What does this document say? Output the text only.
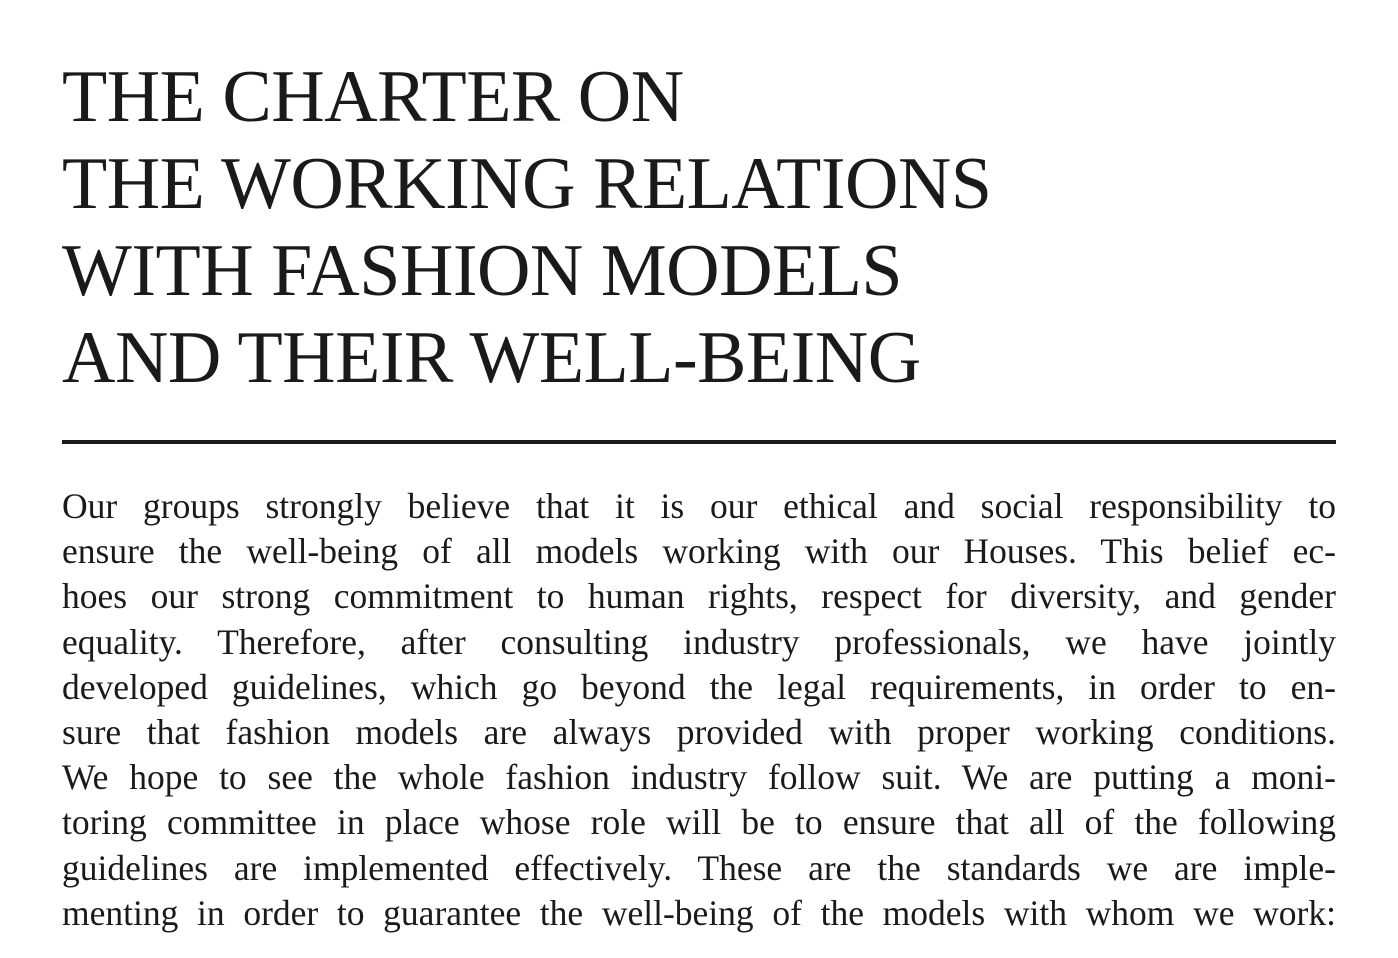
THE CHARTER ON
THE WORKING RELATIONS
WITH FASHION MODELS
AND THEIR WELL-BEING
Our groups strongly believe that it is our ethical and social responsibility to
ensure the well-being of all models working with our Houses. This belief ec-
hoes our strong commitment to human rights, respect for diversity, and gender
equality. Therefore, after consulting industry professionals, we have jointly
developed guidelines, which go beyond the legal requirements, in order to en-
sure that fashion models are always provided with proper working conditions.
We hope to see the whole fashion industry follow suit. We are putting a moni-
toring committee in place whose role will be to ensure that all of the following
guidelines are implemented effectively. These are the standards we are imple-
menting in order to guarantee the well-being of the models with whom we work:
